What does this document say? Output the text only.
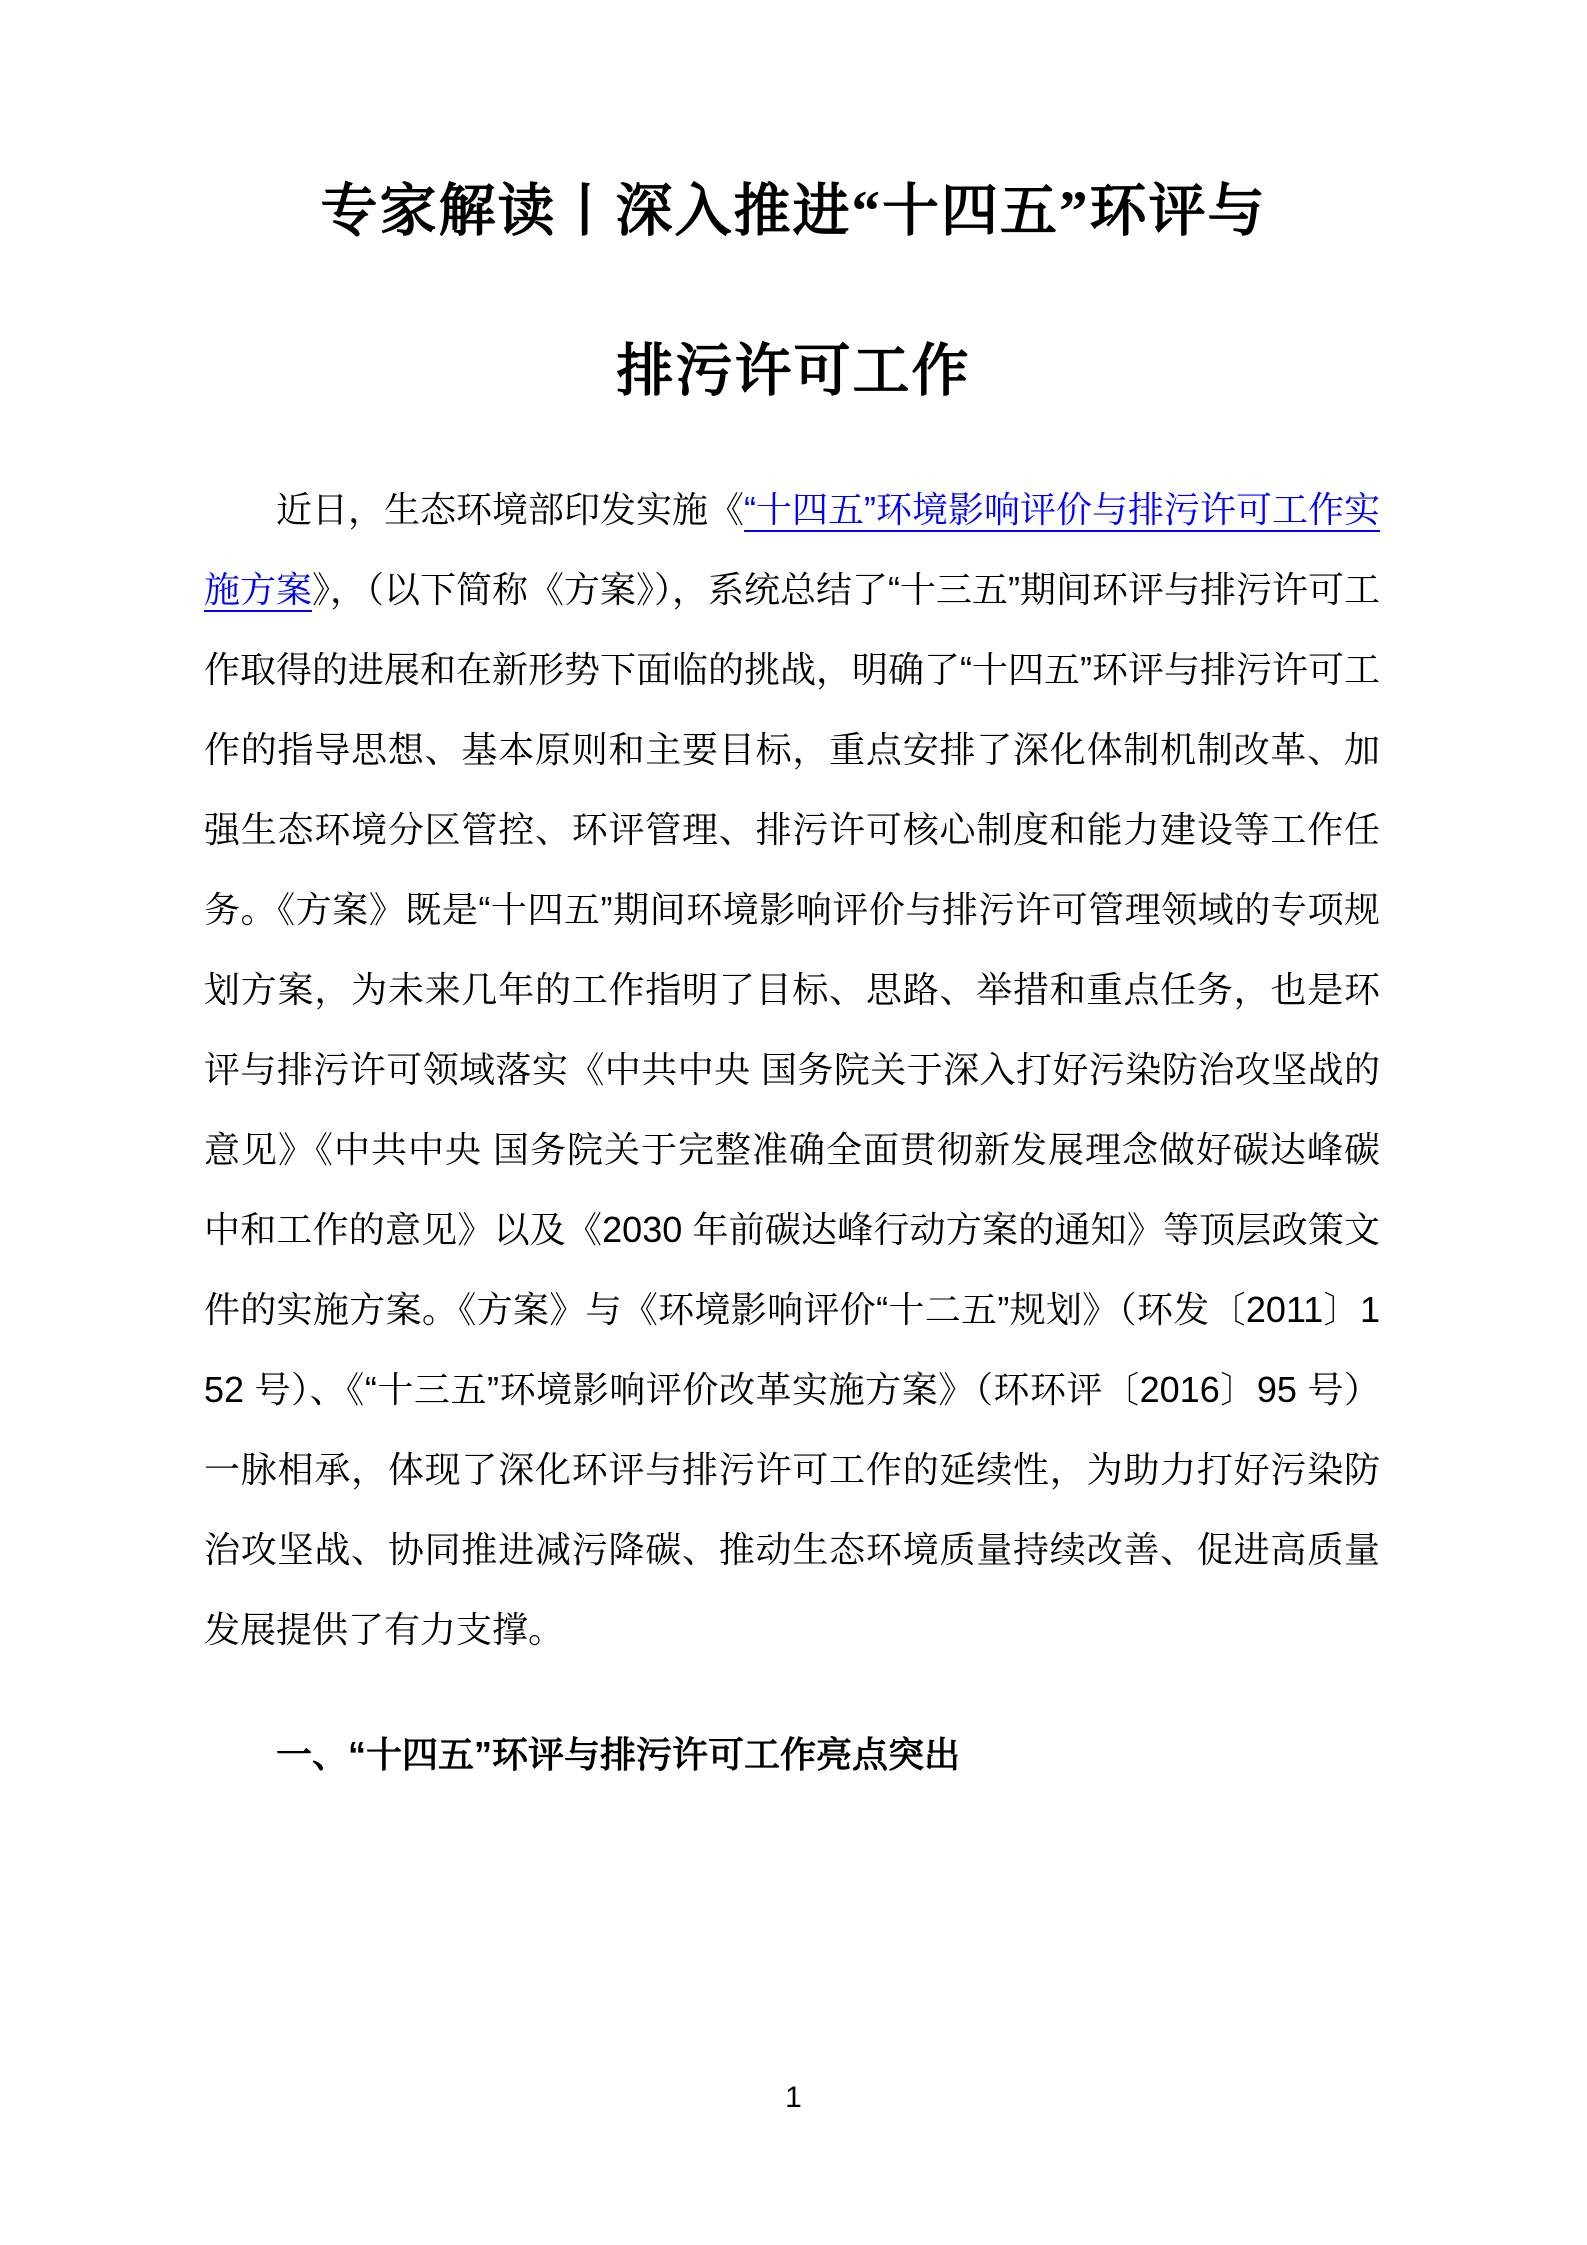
专家解读丨深入推进“十四五”环评与
排污许可工作

近日，生态环境部印发实施《“十四五”环境影响评价与排污许可工作实施方案》，（以下简称《方案》），系统总结了“十三五”期间环评与排污许可工作取得的进展和在新形势下面临的挑战，明确了“十四五”环评与排污许可工作的指导思想、基本原则和主要目标，重点安排了深化体制机制改革、加强生态环境分区管控、环评管理、排污许可核心制度和能力建设等工作任务。《方案》既是“十四五”期间环境影响评价与排污许可管理领域的专项规划方案，为未来几年的工作指明了目标、思路、举措和重点任务，也是环评与排污许可领域落实《中共中央 国务院关于深入打好污染防治攻坚战的意见》《中共中央 国务院关于完整准确全面贯彻新发展理念做好碳达峰碳中和工作的意见》以及《2030 年前碳达峰行动方案的通知》等顶层政策文件的实施方案。《方案》与《环境影响评价“十二五”规划》（环发〔2011〕152 号）、《“十三五”环境影响评价改革实施方案》（环环评〔2016〕95 号）一脉相承，体现了深化环评与排污许可工作的延续性，为助力打好污染防治攻坚战、协同推进减污降碳、推动生态环境质量持续改善、促进高质量发展提供了有力支撑。

一、“十四五”环评与排污许可工作亮点突出
1
